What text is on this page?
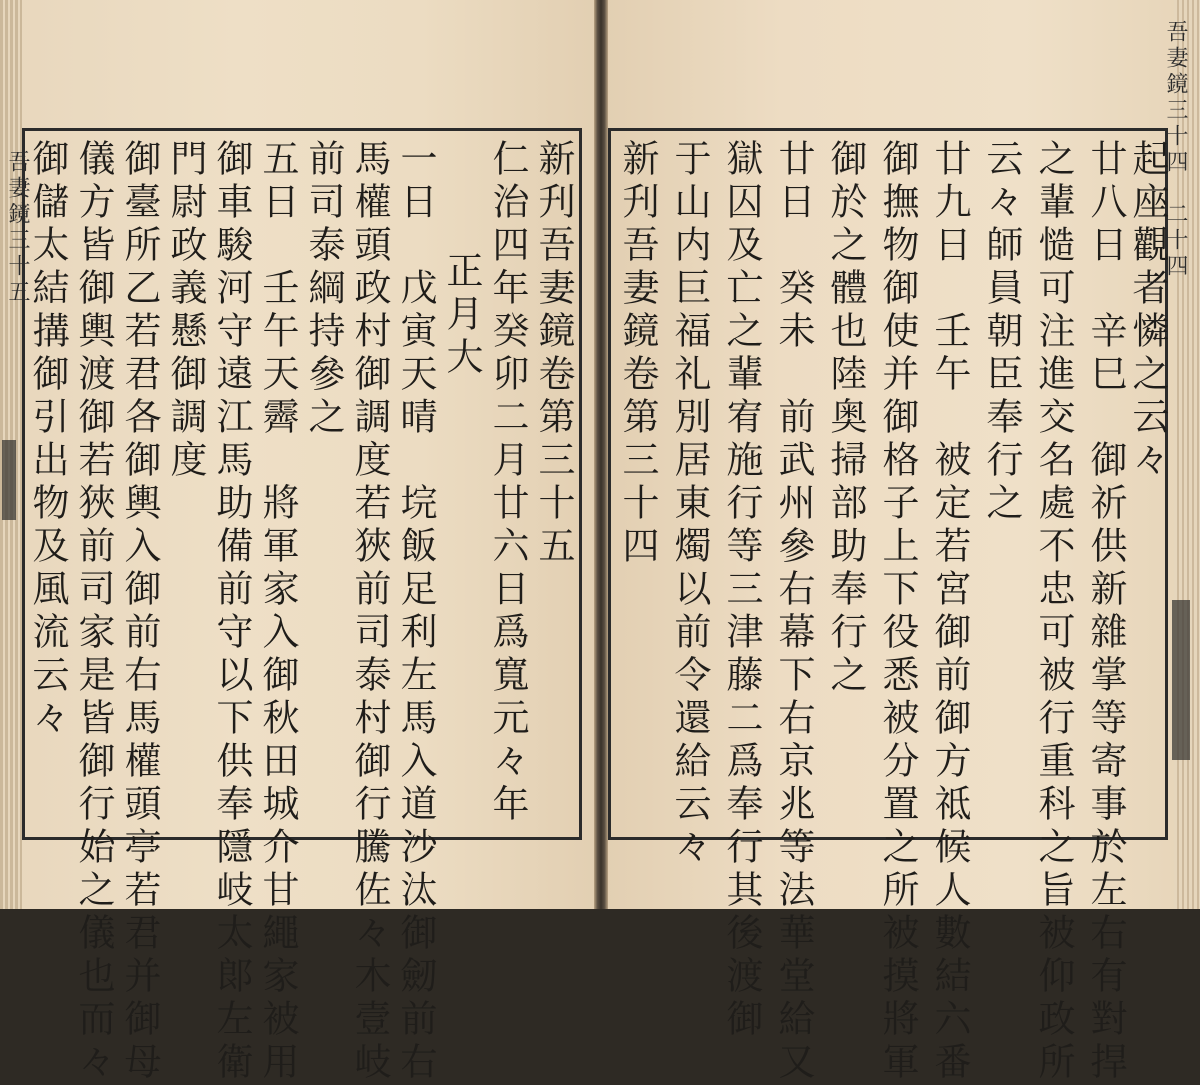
吾妻鏡三十五	吾妻鏡三十四　二十四
新刋吾妻鏡卷第三十五
仁治四年癸卯二月廿六日爲寬元々年
正月大
一日　戊寅天晴　垸飯足利左馬入道沙汰御劒前右
馬權頭政村御調度若狹前司泰村御行騰佐々木壹岐
前司泰綱持參之
五日　壬午天霽　將軍家入御秋田城介甘繩家被用
御車駿河守遠江馬助備前守以下供奉隱岐太郞左衛
門尉政義懸御調度
御臺所乙若君各御輿入御前右馬權頭亭若君并御母
儀方皆御輿渡御若狹前司家是皆御行始之儀也而々
御儲太結搆御引出物及風流云々	新刋吾妻鏡卷第三十四 于山内巨福礼別居東燭以前令還給云々 獄囚及亡之輩宥施行等三津藤二爲奉行其後渡御 廿日　癸未　前武州參右幕下右京兆等法華堂給又 御於之體也陸奥掃部助奉行之 御撫物御使并御格子上下役悉被分置之所被摸將軍 廿九日　壬午　被定若宮御前御方祗候人數結六番 云々師員朝臣奉行之 之輩慥可注進交名處不忠可被行重科之旨被仰政所 廿八日　辛巳　御祈供新雜掌等寄事於左右有對捍 起座觀者憐之云々
